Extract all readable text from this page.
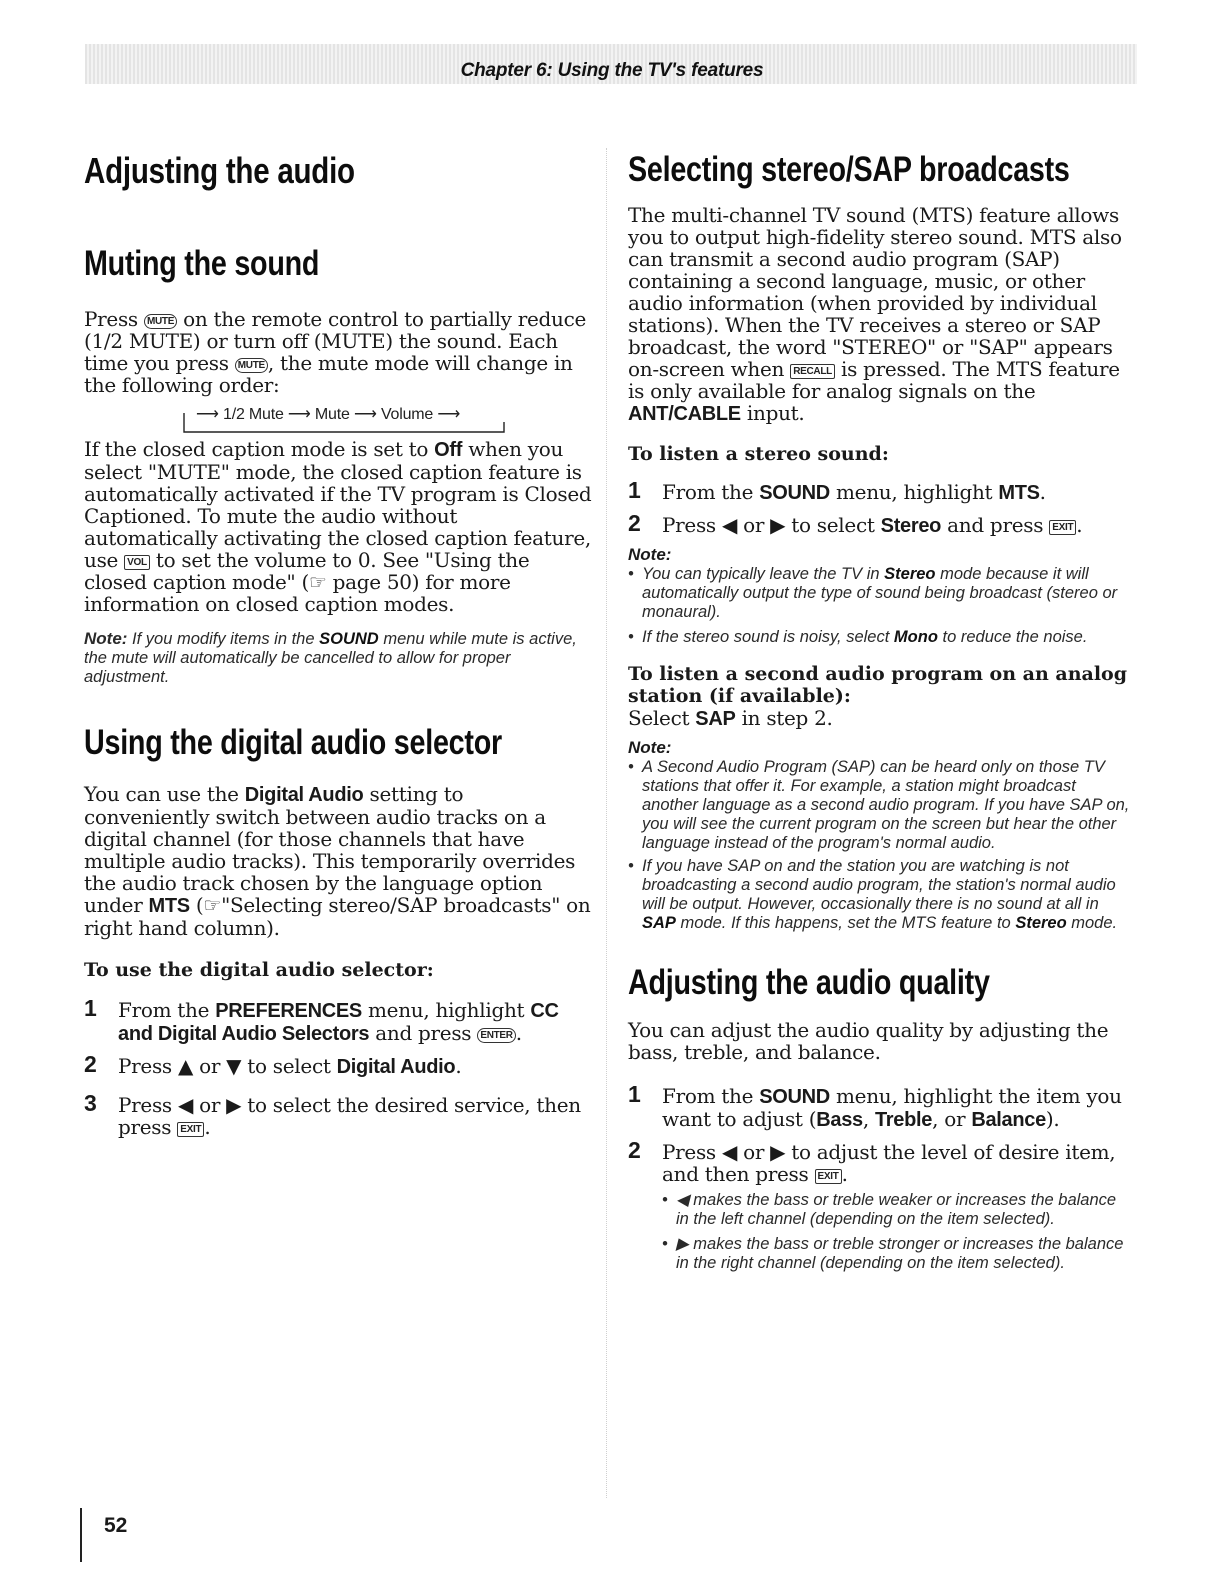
Chapter 6: Using the TV's features
Adjusting the audio
Muting the sound

Press MUTE on the remote control to partially reduce (1/2 MUTE) or turn off (MUTE) the sound. Each time you press MUTE , the mute mode will change in the following order:

⟶ 1/2 Mute ⟶ Mute ⟶ Volume ⟶

If the closed caption mode is set to Off when you select "MUTE" mode, the closed caption feature is automatically activated if the TV program is Closed Captioned. To mute the audio without automatically activating the closed caption feature, use VOL to set the volume to 0. See "Using the closed caption mode" (☞ page 50) for more information on closed caption modes.

Note: If you modify items in the SOUND menu while mute is active, the mute will automatically be cancelled to allow for proper adjustment.

Using the digital audio selector

You can use the Digital Audio setting to conveniently switch between audio tracks on a digital channel (for those channels that have multiple audio tracks). This temporarily overrides the audio track chosen by the language option under MTS (☞"Selecting stereo/SAP broadcasts" on right hand column).

To use the digital audio selector:

1 From the PREFERENCES menu, highlight CC and Digital Audio Selectors and press ENTER .
2 Press ▲ or ▼ to select Digital Audio.
3 Press ◀ or ▶ to select the desired service, then press EXIT .
Selecting stereo/SAP broadcasts

The multi-channel TV sound (MTS) feature allows you to output high-fidelity stereo sound. MTS also can transmit a second audio program (SAP) containing a second language, music, or other audio information (when provided by individual stations). When the TV receives a stereo or SAP broadcast, the word "STEREO" or "SAP" appears on-screen when RECALL is pressed. The MTS feature is only available for analog signals on the ANT/CABLE input.

To listen a stereo sound:

1 From the SOUND menu, highlight MTS.
2 Press ◀ or ▶ to select Stereo and press EXIT .

Note:

• You can typically leave the TV in Stereo mode because it will automatically output the type of sound being broadcast (stereo or monaural).
• If the stereo sound is noisy, select Mono to reduce the noise.

To listen a second audio program on an analog station (if available):

Select SAP in step 2.

Note:

• A Second Audio Program (SAP) can be heard only on those TV stations that offer it. For example, a station might broadcast another language as a second audio program. If you have SAP on, you will see the current program on the screen but hear the other language instead of the program's normal audio.
• If you have SAP on and the station you are watching is not broadcasting a second audio program, the station's normal audio will be output. However, occasionally there is no sound at all in SAP mode. If this happens, set the MTS feature to Stereo mode.
Adjusting the audio quality

You can adjust the audio quality by adjusting the bass, treble, and balance.

1 From the SOUND menu, highlight the item you want to adjust (Bass, Treble, or Balance).
2 Press ◀ or ▶ to adjust the level of desire item, and then press EXIT .
• ◀ makes the bass or treble weaker or increases the balance in the left channel (depending on the item selected).
• ▶ makes the bass or treble stronger or increases the balance in the right channel (depending on the item selected).
52
